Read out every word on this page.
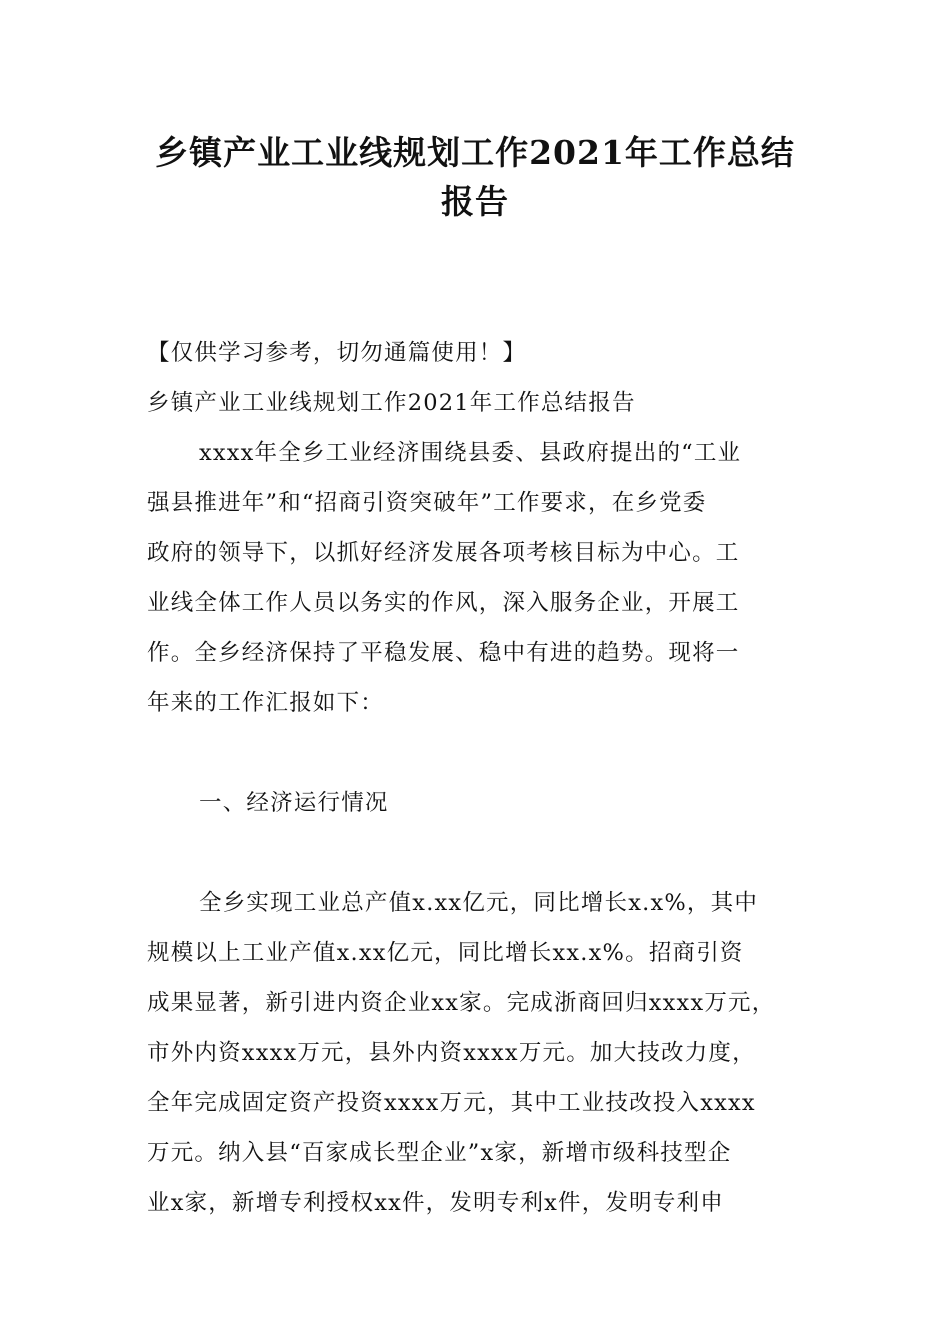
乡镇产业工业线规划工作2021年工作总结
报告
【仅供学习参考，切勿通篇使用！】
乡镇产业工业线规划工作2021年工作总结报告
xxxx年全乡工业经济围绕县委、县政府提出的“工业
强县推进年”和“招商引资突破年”工作要求，在乡党委
政府的领导下，以抓好经济发展各项考核目标为中心。工
业线全体工作人员以务实的作风，深入服务企业，开展工
作。全乡经济保持了平稳发展、稳中有进的趋势。现将一
年来的工作汇报如下：
一、经济运行情况
全乡实现工业总产值x.xx亿元，同比增长x.x%，其中
规模以上工业产值x.xx亿元，同比增长xx.x%。招商引资
成果显著，新引进内资企业xx家。完成浙商回归xxxx万元，
市外内资xxxx万元，县外内资xxxx万元。加大技改力度，
全年完成固定资产投资xxxx万元，其中工业技改投入xxxx
万元。纳入县“百家成长型企业”x家，新增市级科技型企
业x家，新增专利授权xx件，发明专利x件，发明专利申
